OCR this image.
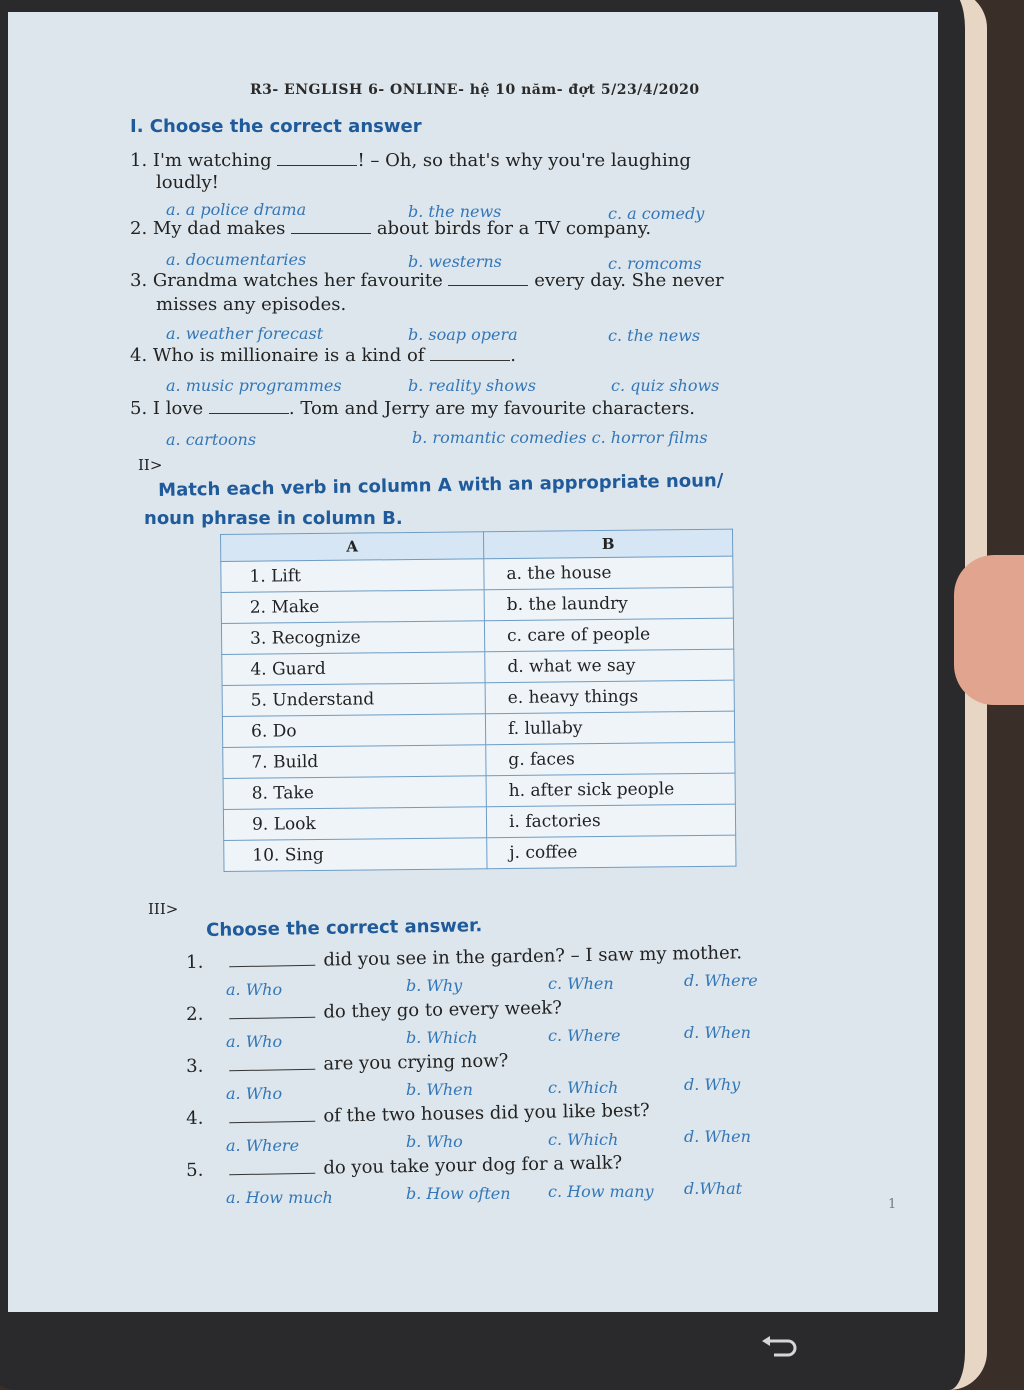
R3- ENGLISH 6- ONLINE- hệ 10 năm- đợt 5/23/4/2020
I. Choose the correct answer
1. I'm watching	! – Oh, so that's why you're laughing
loudly!
a. a police drama	b. the news	c. a comedy
2. My dad makes	about birds for a TV company.
a. documentaries	b. westerns	c. romcoms
3. Grandma watches her favourite	every day. She never
misses any episodes.
a. weather forecast	b. soap opera	c. the news
4. Who is millionaire is a kind of	.
a. music programmes	b. reality shows	c. quiz shows
5. I love	. Tom and Jerry are my favourite characters.
a. cartoons	b. romantic comedies c. horror films
II>
Match each verb in column A with an appropriate noun/
noun phrase in column B.
A	B
1. Lift	a. the house
2. Make	b. the laundry
3. Recognize	c. care of people
4. Guard	d. what we say
5. Understand	e. heavy things
6. Do	f. lullaby
7. Build	g. faces
8. Take	h. after sick people
9. Look	i. factories
10. Sing	j. coffee
III>
Choose the correct answer.
1.	did you see in the garden? – I saw my mother.
a. Who	b. Why	c. When	d. Where
2.	do they go to every week?
a. Who	b. Which	c. Where	d. When
3.	are you crying now?
a. Who	b. When	c. Which	d. Why
4.	of the two houses did you like best?
a. Where	b. Who	c. Which	d. When
5.	do you take your dog for a walk?
a. How much	b. How often c. How many d.What
1
